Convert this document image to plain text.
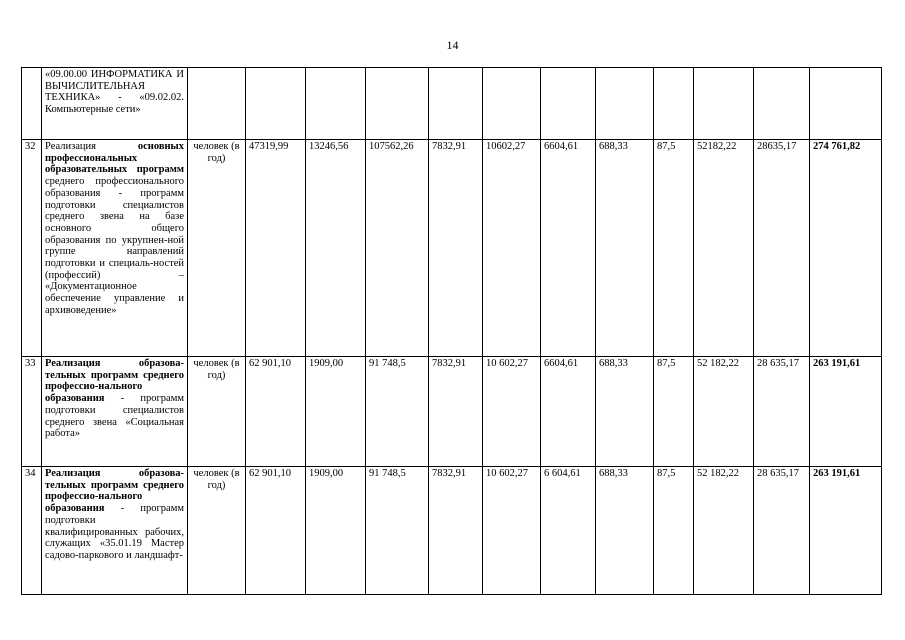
14
	«09.00.00 ИНФОРМАТИКА И ВЫЧИСЛИТЕЛЬНАЯ ТЕХНИКА» - «09.02.02. Компьютерные сети»												
32	Реализация основных профессиональных образовательных программ среднего профессионального образования - программ подготовки специалистов среднего звена на базе основного общего образования по укрупнен-ной группе направлений подготовки и специаль-ностей (профессий) – «Документационное обеспечение управление и архивоведение»	человек (в год)	47319,99	13246,56	107562,26	7832,91	10602,27	6604,61	688,33	87,5	52182,22	28635,17	274 761,82
33	Реализация образова-тельных программ среднего профессио-нального образования - программ подготовки специалистов среднего звена «Социальная работа»	человек (в год)	62 901,10	1909,00	91 748,5	7832,91	10 602,27	6604,61	688,33	87,5	52 182,22	28 635,17	263 191,61
34	Реализация образова-тельных программ среднего профессио-нального образования - программ подготовки квалифицированных рабочих, служащих «35.01.19 Мастер садово-паркового и ландшафт-	человек (в год)	62 901,10	1909,00	91 748,5	7832,91	10 602,27	6 604,61	688,33	87,5	52 182,22	28 635,17	263 191,61
